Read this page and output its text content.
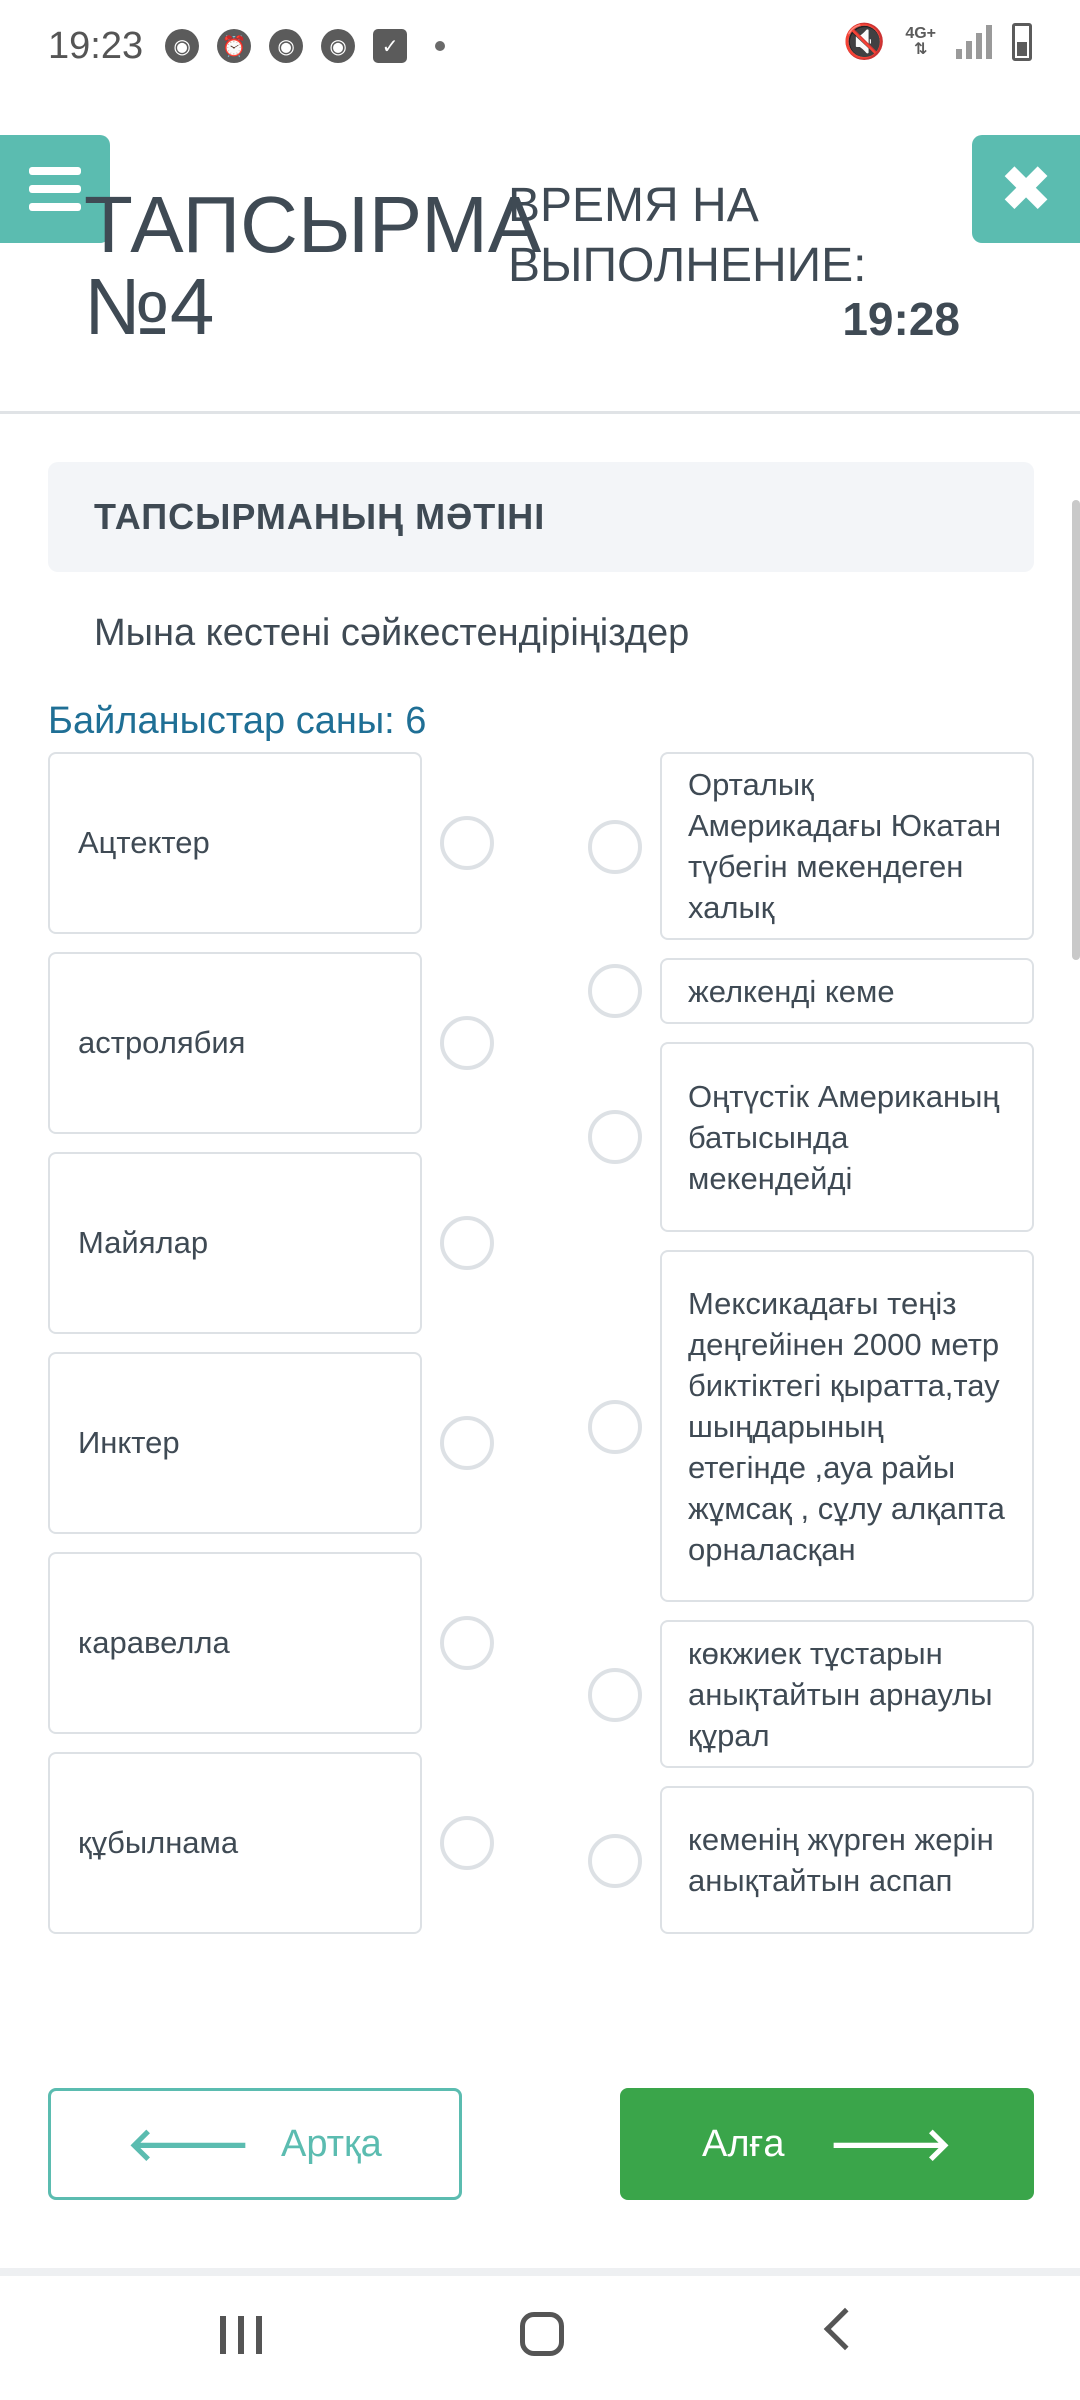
19:23	◉	⏰	◉	◉	✓	🔇 4G+
⇅
ТАПСЫРМА №4
ВРЕМЯ НА ВЫПОЛНЕНИЕ:
19:28
✖
ТАПСЫРМАНЫҢ МӘТІНІ
Мына кестені сәйкестендіріңіздер
Байланыстар саны: 6
Ацтектер
астролябия
Майялар
Инктер
каравелла
құбылнама
Орталық Америкадағы Юкатан түбегін мекендеген халық
желкенді кеме
Оңтүстік Американың батысында мекендейді
Мексикадағы теңіз деңгейінен 2000 метр биктіктегі қыратта,тау шыңдарының етегінде ,ауа райы жұмсақ , сұлу алқапта орналасқан
көкжиек тұстарын анықтайтын арнаулы құрал
кеменің жүрген жерін анықтайтын аспап
🡐 Артқа	Алға 🡒
